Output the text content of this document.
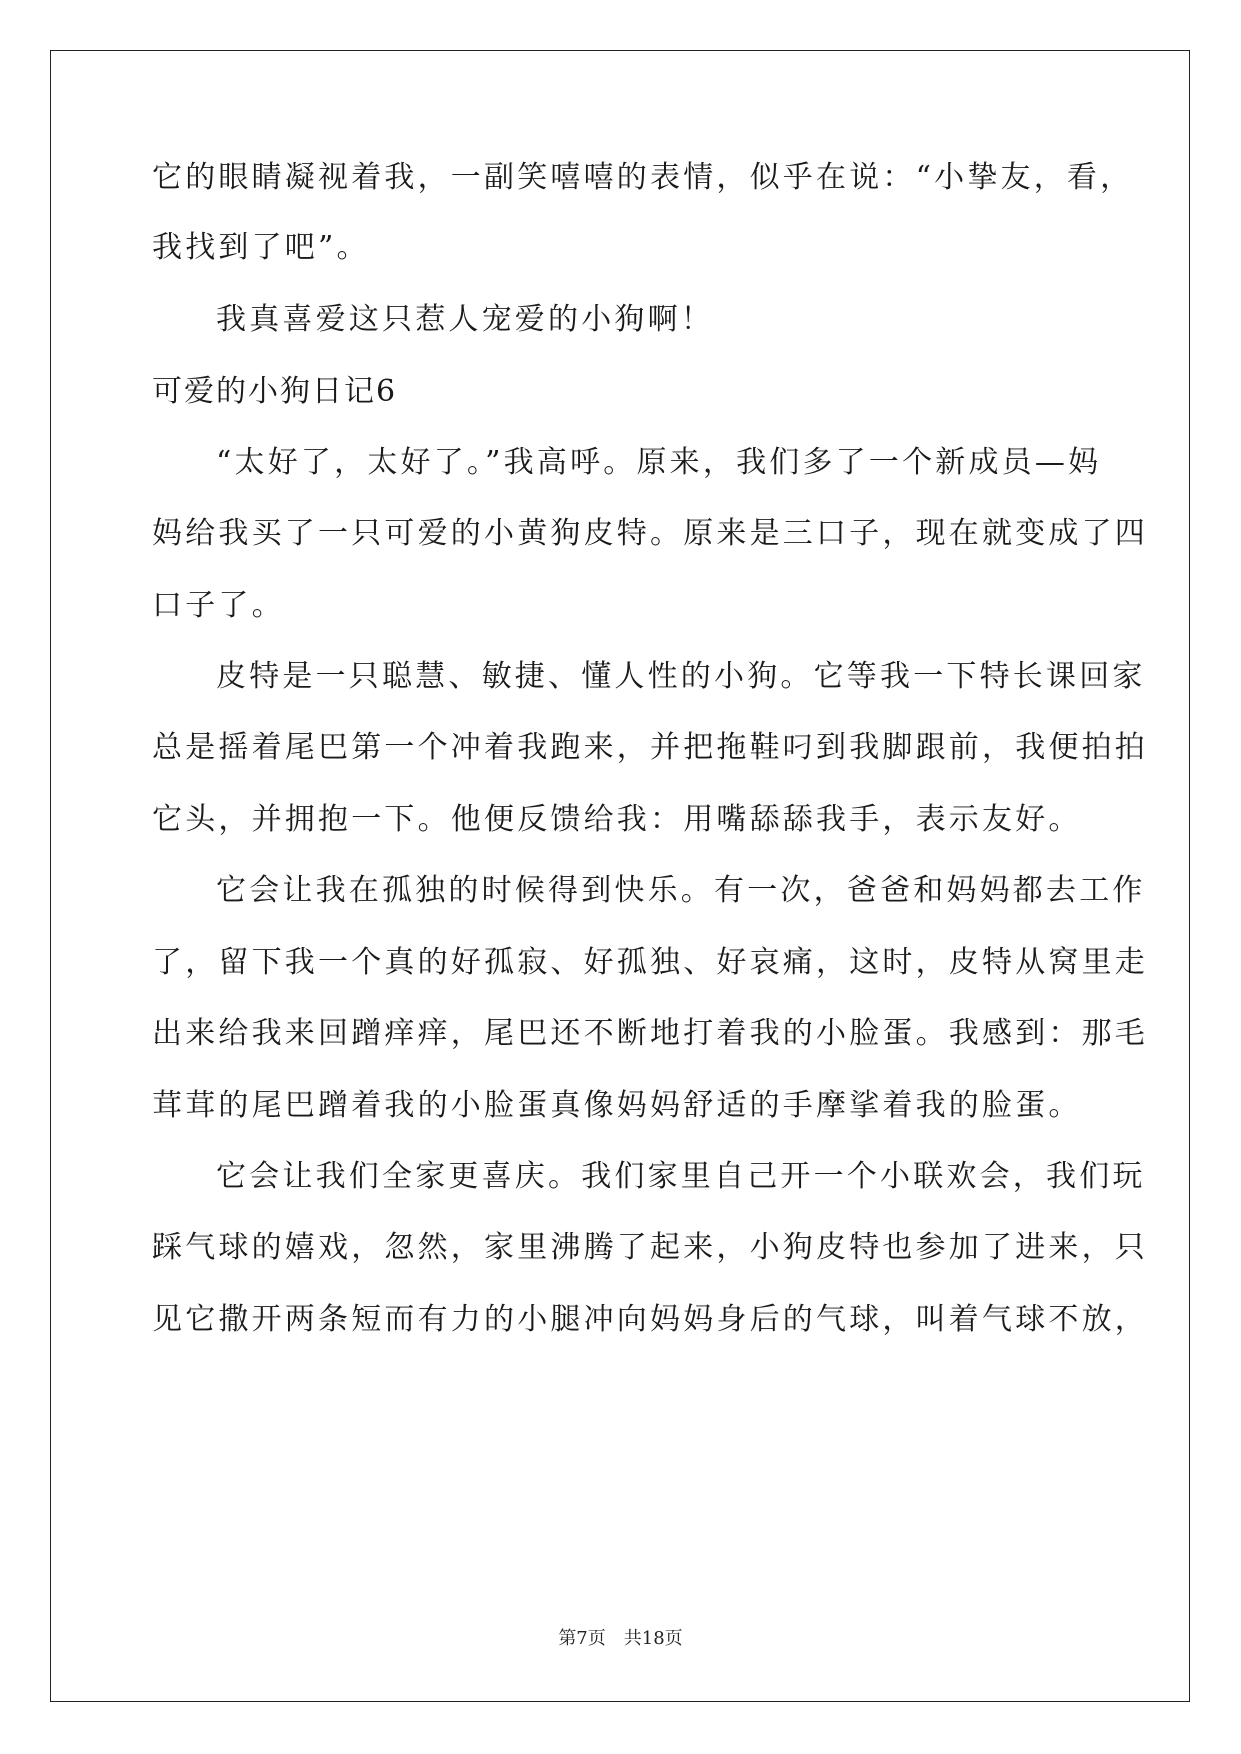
它的眼睛凝视着我，一副笑嘻嘻的表情，似乎在说：“小挚友，看，
我找到了吧”。
我真喜爱这只惹人宠爱的小狗啊！
可爱的小狗日记6
“太好了，太好了。”我高呼。原来，我们多了一个新成员—妈
妈给我买了一只可爱的小黄狗皮特。原来是三口子，现在就变成了四
口子了。
皮特是一只聪慧、敏捷、懂人性的小狗。它等我一下特长课回家
总是摇着尾巴第一个冲着我跑来，并把拖鞋叼到我脚跟前，我便拍拍
它头，并拥抱一下。他便反馈给我：用嘴舔舔我手，表示友好。
它会让我在孤独的时候得到快乐。有一次，爸爸和妈妈都去工作
了，留下我一个真的好孤寂、好孤独、好哀痛，这时，皮特从窝里走
出来给我来回蹭痒痒，尾巴还不断地打着我的小脸蛋。我感到：那毛
茸茸的尾巴蹭着我的小脸蛋真像妈妈舒适的手摩挲着我的脸蛋。
它会让我们全家更喜庆。我们家里自己开一个小联欢会，我们玩
踩气球的嬉戏，忽然，家里沸腾了起来，小狗皮特也参加了进来，只
见它撒开两条短而有力的小腿冲向妈妈身后的气球，叫着气球不放，
第7页 共18页
